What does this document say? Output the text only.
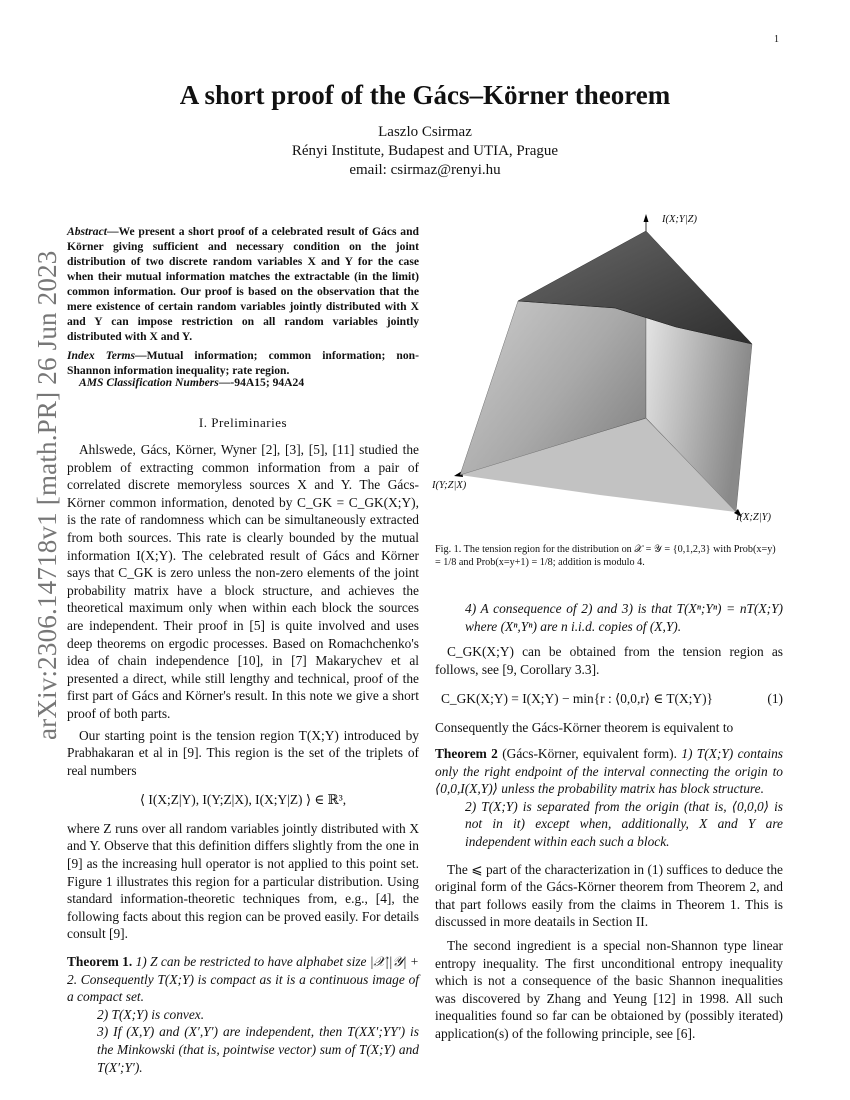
1
arXiv:2306.14718v1 [math.PR] 26 Jun 2023
A short proof of the Gács–Körner theorem
Laszlo Csirmaz
Rényi Institute, Budapest and UTIA, Prague
email: csirmaz@renyi.hu
Abstract—We present a short proof of a celebrated result of Gács and Körner giving sufficient and necessary condition on the joint distribution of two discrete random variables X and Y for the case when their mutual information matches the extractable (in the limit) common information. Our proof is based on the observation that the mere existence of certain random variables jointly distributed with X and Y can impose restriction on all random variables jointly distributed with X and Y.
Index Terms—Mutual information; common information; non-Shannon information inequality; rate region.
AMS Classification Numbers—-94A15; 94A24
I. Preliminaries

Ahlswede, Gács, Körner, Wyner [2], [3], [5], [11] studied the problem of extracting common information from a pair of correlated discrete memoryless sources X and Y. The Gács-Körner common information, denoted by C_GK = C_GK(X;Y), is the rate of randomness which can be simultaneously extracted from both sources. This rate is clearly bounded by the mutual information I(X;Y). The celebrated result of Gács and Körner says that C_GK is zero unless the non-zero elements of the joint probability matrix have a block structure, and achieves the theoretical maximum only when within each block the sources are independent. Their proof in [5] is quite involved and uses deep theorems on ergodic processes. Based on Romachchenko's idea of chain independence [10], in [7] Makarychev et al presented a direct, while still lengthy and technical, proof of the first part of Gács and Körner's result. In this note we give a short proof of both parts.

Our starting point is the tension region T(X;Y) introduced by Prabhakaran et al in [9]. This region is the set of the triplets of real numbers

⟨ I(X;Z|Y), I(Y;Z|X), I(X;Y|Z) ⟩ ∈ ℝ³,

where Z runs over all random variables jointly distributed with X and Y. Observe that this definition differs slightly from the one in [9] as the increasing hull operator is not applied to this point set. Figure 1 illustrates this region for a particular distribution. Using standard information-theoretic techniques from, e.g., [4], the following facts about this region can be proved easily. For details consult [9].

Theorem 1. 1) Z can be restricted to have alphabet size |𝒳||𝒴| + 2. Consequently T(X;Y) is compact as it is a continuous image of a compact set.

2) T(X;Y) is convex.

3) If (X,Y) and (X′,Y′) are independent, then T(XX′;YY′) is the Minkowski (that is, pointwise vector) sum of T(X;Y) and T(X′;Y′).

I(X;Y|Z)
I(Y;Z|X)
I(X;Z|Y)
Fig. 1. The tension region for the distribution on 𝒳 = 𝒴 = {0,1,2,3} with Prob(x=y) = 1/8 and Prob(x=y+1) = 1/8; addition is modulo 4.

4) A consequence of 2) and 3) is that T(Xⁿ;Yⁿ) = nT(X;Y) where (Xⁿ,Yⁿ) are n i.i.d. copies of (X,Y).

C_GK(X;Y) can be obtained from the tension region as follows, see [9, Corollary 3.3].

C_GK(X;Y) = I(X;Y) − min{r : ⟨0,0,r⟩ ∈ T(X;Y)}	(1)

Consequently the Gács-Körner theorem is equivalent to

Theorem 2 (Gács-Körner, equivalent form). 1) T(X;Y) contains only the right endpoint of the interval connecting the origin to ⟨0,0,I(X,Y)⟩ unless the probability matrix has block structure.

2) T(X;Y) is separated from the origin (that is, ⟨0,0,0⟩ is not in it) except when, additionally, X and Y are independent within each such a block.

The ⩽ part of the characterization in (1) suffices to deduce the original form of the Gács-Körner theorem from Theorem 2, and that part follows easily from the claims in Theorem 1. This is discussed in more deatails in Section II.

The second ingredient is a special non-Shannon type linear entropy inequality. The first unconditional entropy inequality which is not a consequence of the basic Shannon inequalities was discovered by Zhang and Yeung [12] in 1998. All such inequalities found so far can be obtaioned by (possibly iterated) application(s) of the following principle, see [6].
